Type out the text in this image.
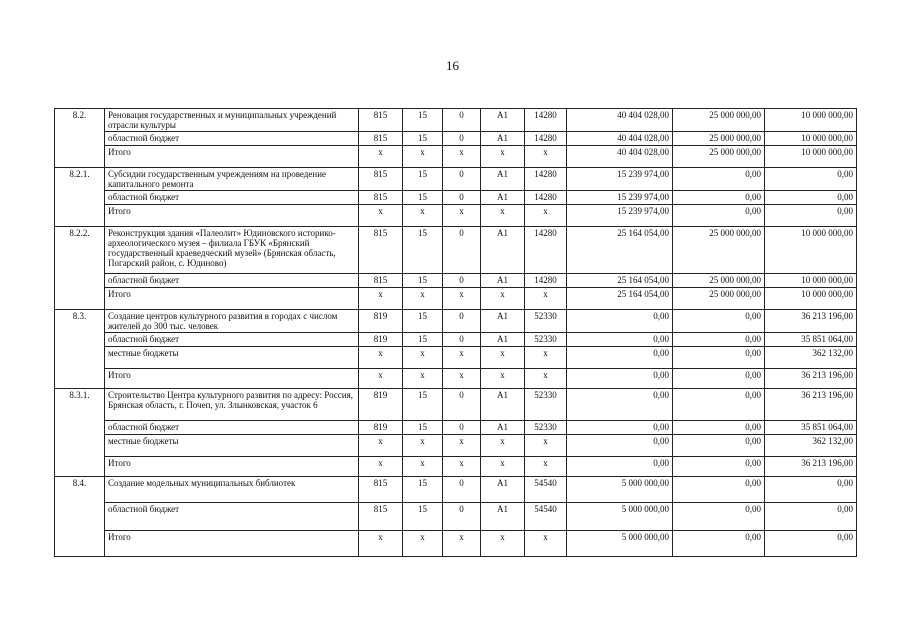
16
8.2.	Реновация государственных и муниципальных учреждений отрасли культуры	815	15	0	A1	14280	40 404 028,00	25 000 000,00	10 000 000,00
	областной бюджет	815	15	0	A1	14280	40 404 028,00	25 000 000,00	10 000 000,00
	Итого	x	x	x	x	x	40 404 028,00	25 000 000,00	10 000 000,00
8.2.1.	Субсидии государственным учреждениям на проведение капитального ремонта	815	15	0	A1	14280	15 239 974,00	0,00	0,00
	областной бюджет	815	15	0	A1	14280	15 239 974,00	0,00	0,00
	Итого	x	x	x	x	x	15 239 974,00	0,00	0,00
8.2.2.	Реконструкция здания «Палеолит» Юдиновского историко-археологического музея – филиала ГБУК «Брянский государственный краеведческий музей» (Брянская область, Погарский район, с. Юдиново)	815	15	0	A1	14280	25 164 054,00	25 000 000,00	10 000 000,00
	областной бюджет	815	15	0	A1	14280	25 164 054,00	25 000 000,00	10 000 000,00
	Итого	x	x	x	x	x	25 164 054,00	25 000 000,00	10 000 000,00
8.3.	Создание центров культурного развития в городах с числом жителей до 300 тыс. человек	819	15	0	A1	52330	0,00	0,00	36 213 196,00
	областной бюджет	819	15	0	A1	52330	0,00	0,00	35 851 064,00
	местные бюджеты	x	x	x	x	x	0,00	0,00	362 132,00
	Итого	x	x	x	x	x	0,00	0,00	36 213 196,00
8.3.1.	Строительство Центра культурного развития по адресу: Россия, Брянская область, г. Почеп, ул. Злынковская, участок 6	819	15	0	A1	52330	0,00	0,00	36 213 196,00
	областной бюджет	819	15	0	A1	52330	0,00	0,00	35 851 064,00
	местные бюджеты	x	x	x	x	x	0,00	0,00	362 132,00
	Итого	x	x	x	x	x	0,00	0,00	36 213 196,00
8.4.	Создание модельных муниципальных библиотек	815	15	0	A1	54540	5 000 000,00	0,00	0,00
	областной бюджет	815	15	0	A1	54540	5 000 000,00	0,00	0,00
	Итого	x	x	x	x	x	5 000 000,00	0,00	0,00
